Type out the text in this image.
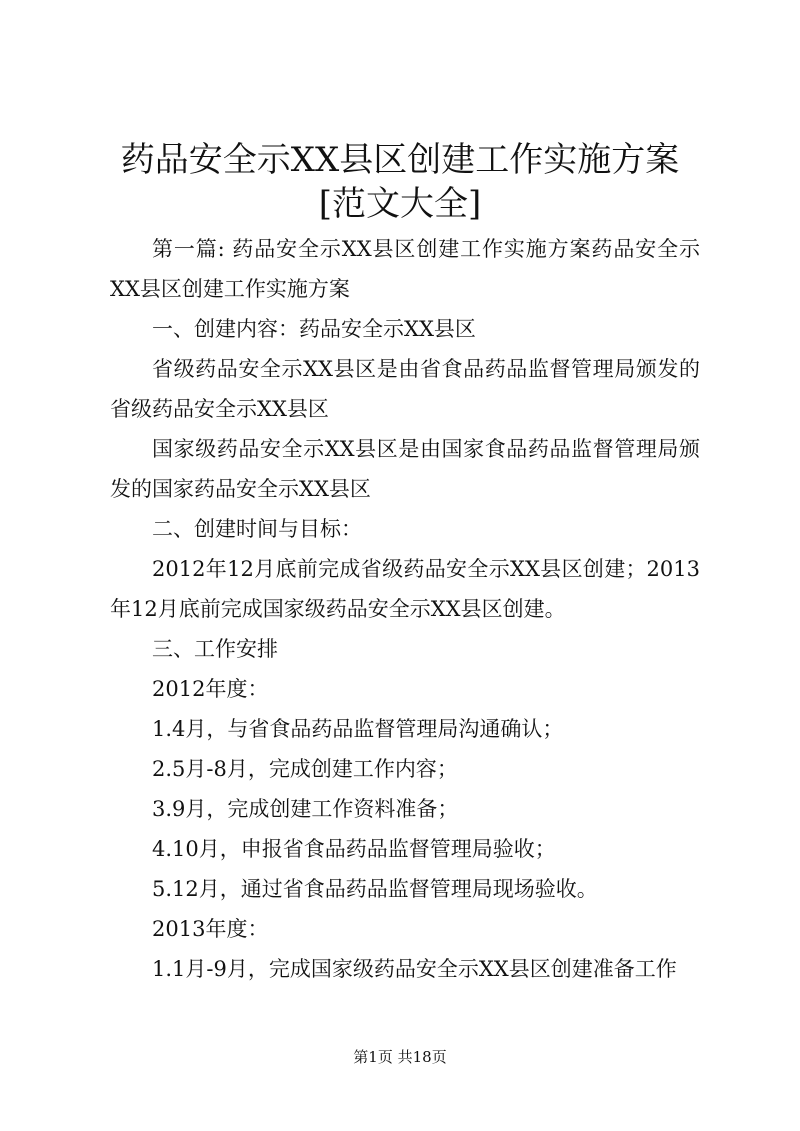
药品安全示XX县区创建工作实施方案[范文大全]

第一篇: 药品安全示XX县区创建工作实施方案药品安全示XX县区创建工作实施方案

一、创建内容：药品安全示XX县区

省级药品安全示XX县区是由省食品药品监督管理局颁发的省级药品安全示XX县区

国家级药品安全示XX县区是由国家食品药品监督管理局颁发的国家药品安全示XX县区

二、创建时间与目标：

2012年12月底前完成省级药品安全示XX县区创建；2013年12月底前完成国家级药品安全示XX县区创建。

三、工作安排

2012年度：

1.4月，与省食品药品监督管理局沟通确认；

2.5月-8月，完成创建工作内容；

3.9月，完成创建工作资料准备；

4.10月，申报省食品药品监督管理局验收；

5.12月，通过省食品药品监督管理局现场验收。

2013年度：

1.1月-9月，完成国家级药品安全示XX县区创建准备工作

第1页 共18页
